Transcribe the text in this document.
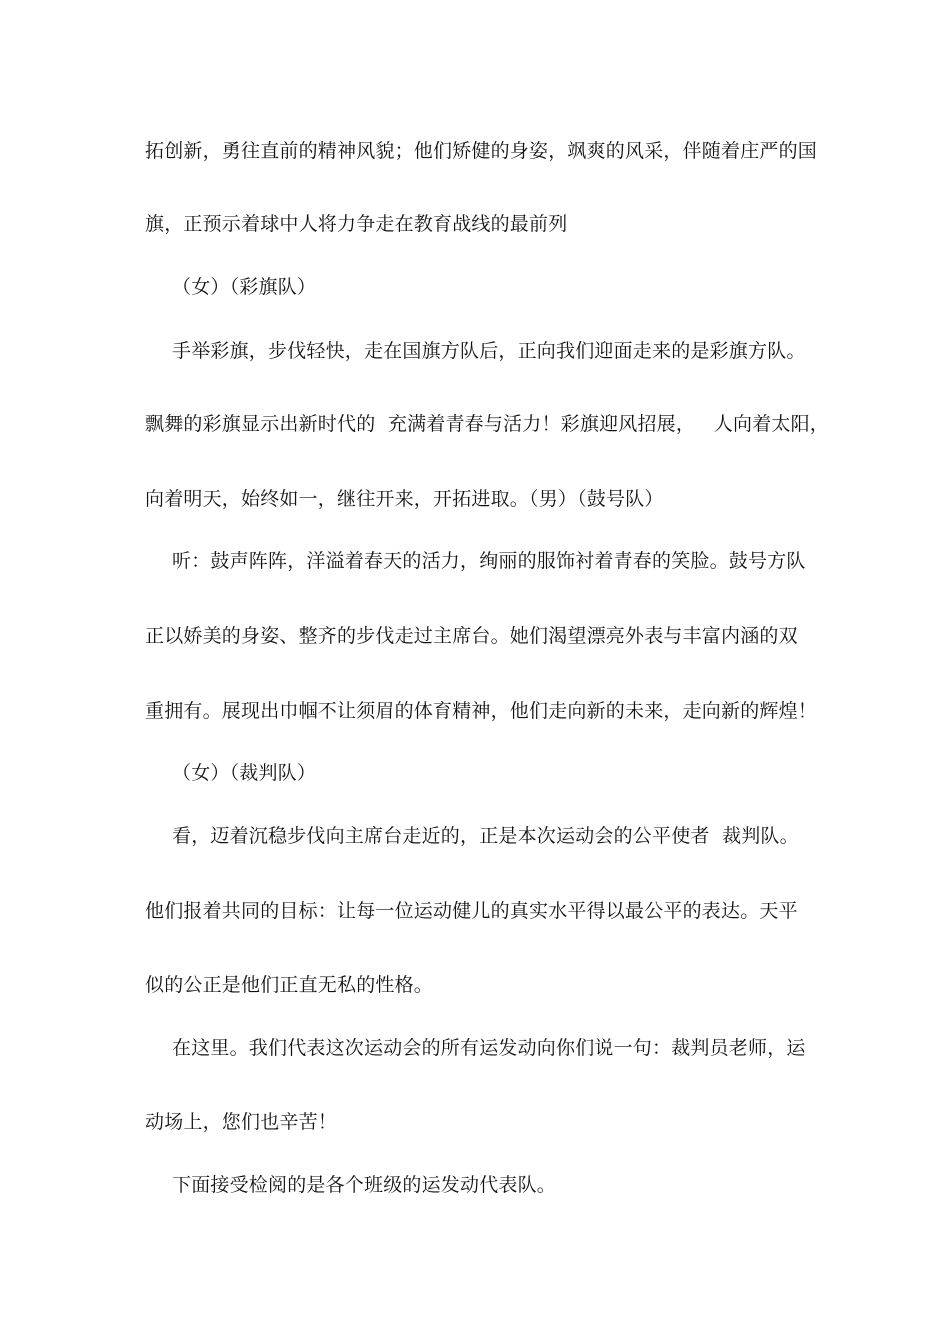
拓创新，勇往直前的精神风貌；他们矫健的身姿，飒爽的风采，伴随着庄严的国
旗，正预示着球中人将力争走在教育战线的最前列
（女）（彩旗队）
手举彩旗，步伐轻快，走在国旗方队后，正向我们迎面走来的是彩旗方队。
飘舞的彩旗显示出新时代的  充满着青春与活力！彩旗迎风招展，   人向着太阳，
向着明天，始终如一，继往开来，开拓进取。（男）（鼓号队）
听：鼓声阵阵，洋溢着春天的活力，绚丽的服饰衬着青春的笑脸。鼓号方队
正以娇美的身姿、整齐的步伐走过主席台。她们渴望漂亮外表与丰富内涵的双
重拥有。展现出巾帼不让须眉的体育精神，他们走向新的未来，走向新的辉煌！
（女）（裁判队）
看，迈着沉稳步伐向主席台走近的，正是本次运动会的公平使者  裁判队。
他们报着共同的目标：让每一位运动健儿的真实水平得以最公平的表达。天平
似的公正是他们正直无私的性格。
在这里。我们代表这次运动会的所有运发动向你们说一句：裁判员老师，运
动场上，您们也辛苦！
下面接受检阅的是各个班级的运发动代表队。
